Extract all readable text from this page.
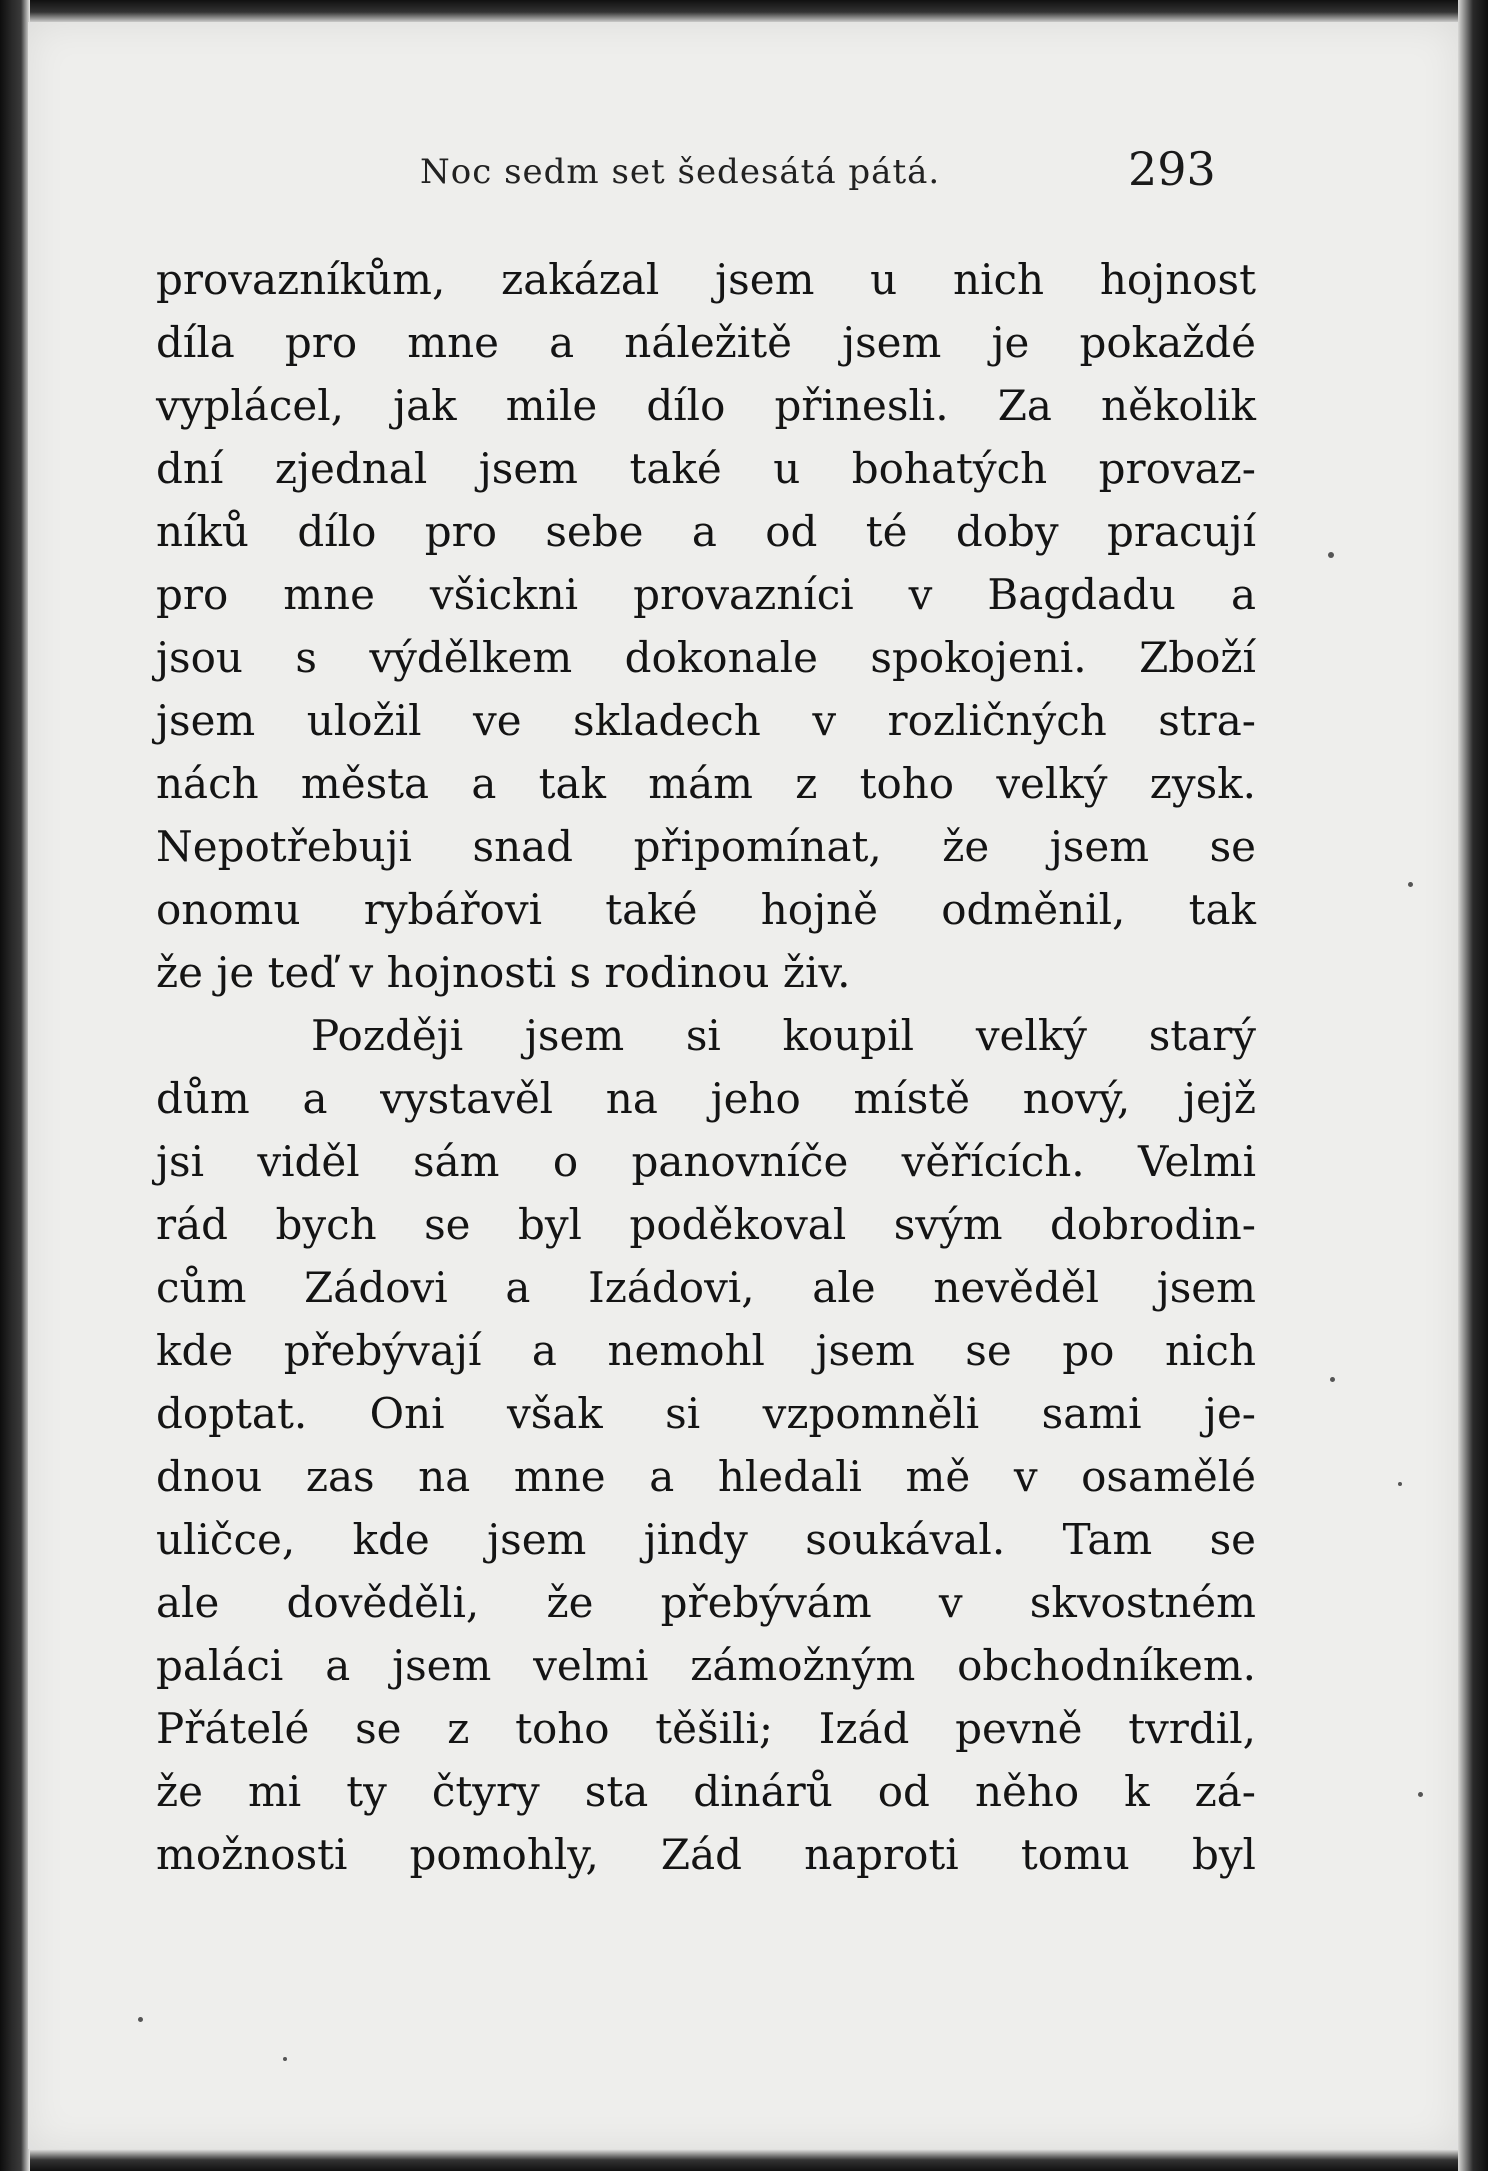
Noc sedm set šedesátá pátá.	293
provazníkům, zakázal jsem u nich hojnost
díla pro mne a náležitě jsem je pokaždé
vyplácel, jak mile dílo přinesli. Za několik
dní zjednal jsem také u bohatých provaz-
níků dílo pro sebe a od té doby pracují
pro mne všickni provazníci v Bagdadu a
jsou s výdělkem dokonale spokojeni. Zboží
jsem uložil ve skladech v rozličných stra-
nách města a tak mám z toho velký zysk.
Nepotřebuji snad připomínat, že jsem se
onomu rybářovi také hojně odměnil, tak
že je teď v hojnosti s rodinou živ.
Později jsem si koupil velký starý
dům a vystavěl na jeho místě nový, jejž
jsi viděl sám o panovníče věřících. Velmi
rád bych se byl poděkoval svým dobrodin-
cům Zádovi a Izádovi, ale nevěděl jsem
kde přebývají a nemohl jsem se po nich
doptat. Oni však si vzpomněli sami je-
dnou zas na mne a hledali mě v osamělé
uličce, kde jsem jindy soukával. Tam se
ale dověděli, že přebývám v skvostném
paláci a jsem velmi zámožným obchodníkem.
Přátelé se z toho těšili; Izád pevně tvrdil,
že mi ty čtyry sta dinárů od něho k zá-
možnosti pomohly, Zád naproti tomu byl
